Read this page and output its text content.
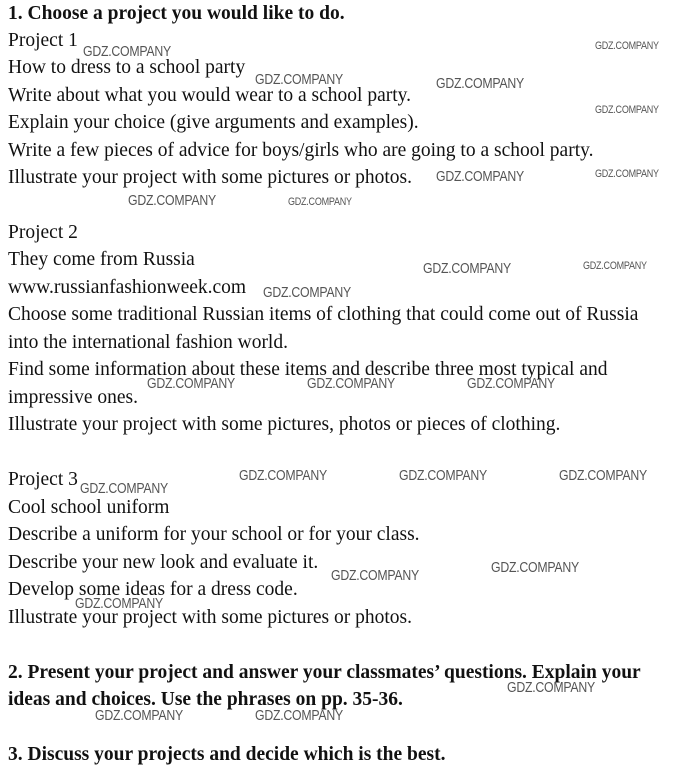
1. Choose a project you would like to do.
Project 1
How to dress to a school party
Write about what you would wear to a school party.
Explain your choice (give arguments and examples).
Write a few pieces of advice for boys/girls who are going to a school party.
Illustrate your project with some pictures or photos.
Project 2
They come from Russia
www.russianfashionweek.com
Choose some traditional Russian items of clothing that could come out of Russia
into the international fashion world.
Find some information about these items and describe three most typical and
impressive ones.
Illustrate your project with some pictures, photos or pieces of clothing.
Project 3
Cool school uniform
Describe a uniform for your school or for your class.
Describe your new look and evaluate it.
Develop some ideas for a dress code.
Illustrate your project with some pictures or photos.
2. Present your project and answer your classmates’ questions. Explain your
ideas and choices. Use the phrases on pp. 35-36.
3. Discuss your projects and decide which is the best.
GDZ.COMPANY	GDZ.COMPANY
GDZ.COMPANY	GDZ.COMPANY
GDZ.COMPANY
GDZ.COMPANY	GDZ.COMPANY
GDZ.COMPANY	GDZ.COMPANY
GDZ.COMPANY	GDZ.COMPANY
GDZ.COMPANY
GDZ.COMPANY	GDZ.COMPANY	GDZ.COMPANY
GDZ.COMPANY
GDZ.COMPANY	GDZ.COMPANY	GDZ.COMPANY
GDZ.COMPANY	GDZ.COMPANY
GDZ.COMPANY
GDZ.COMPANY
GDZ.COMPANY	GDZ.COMPANY
